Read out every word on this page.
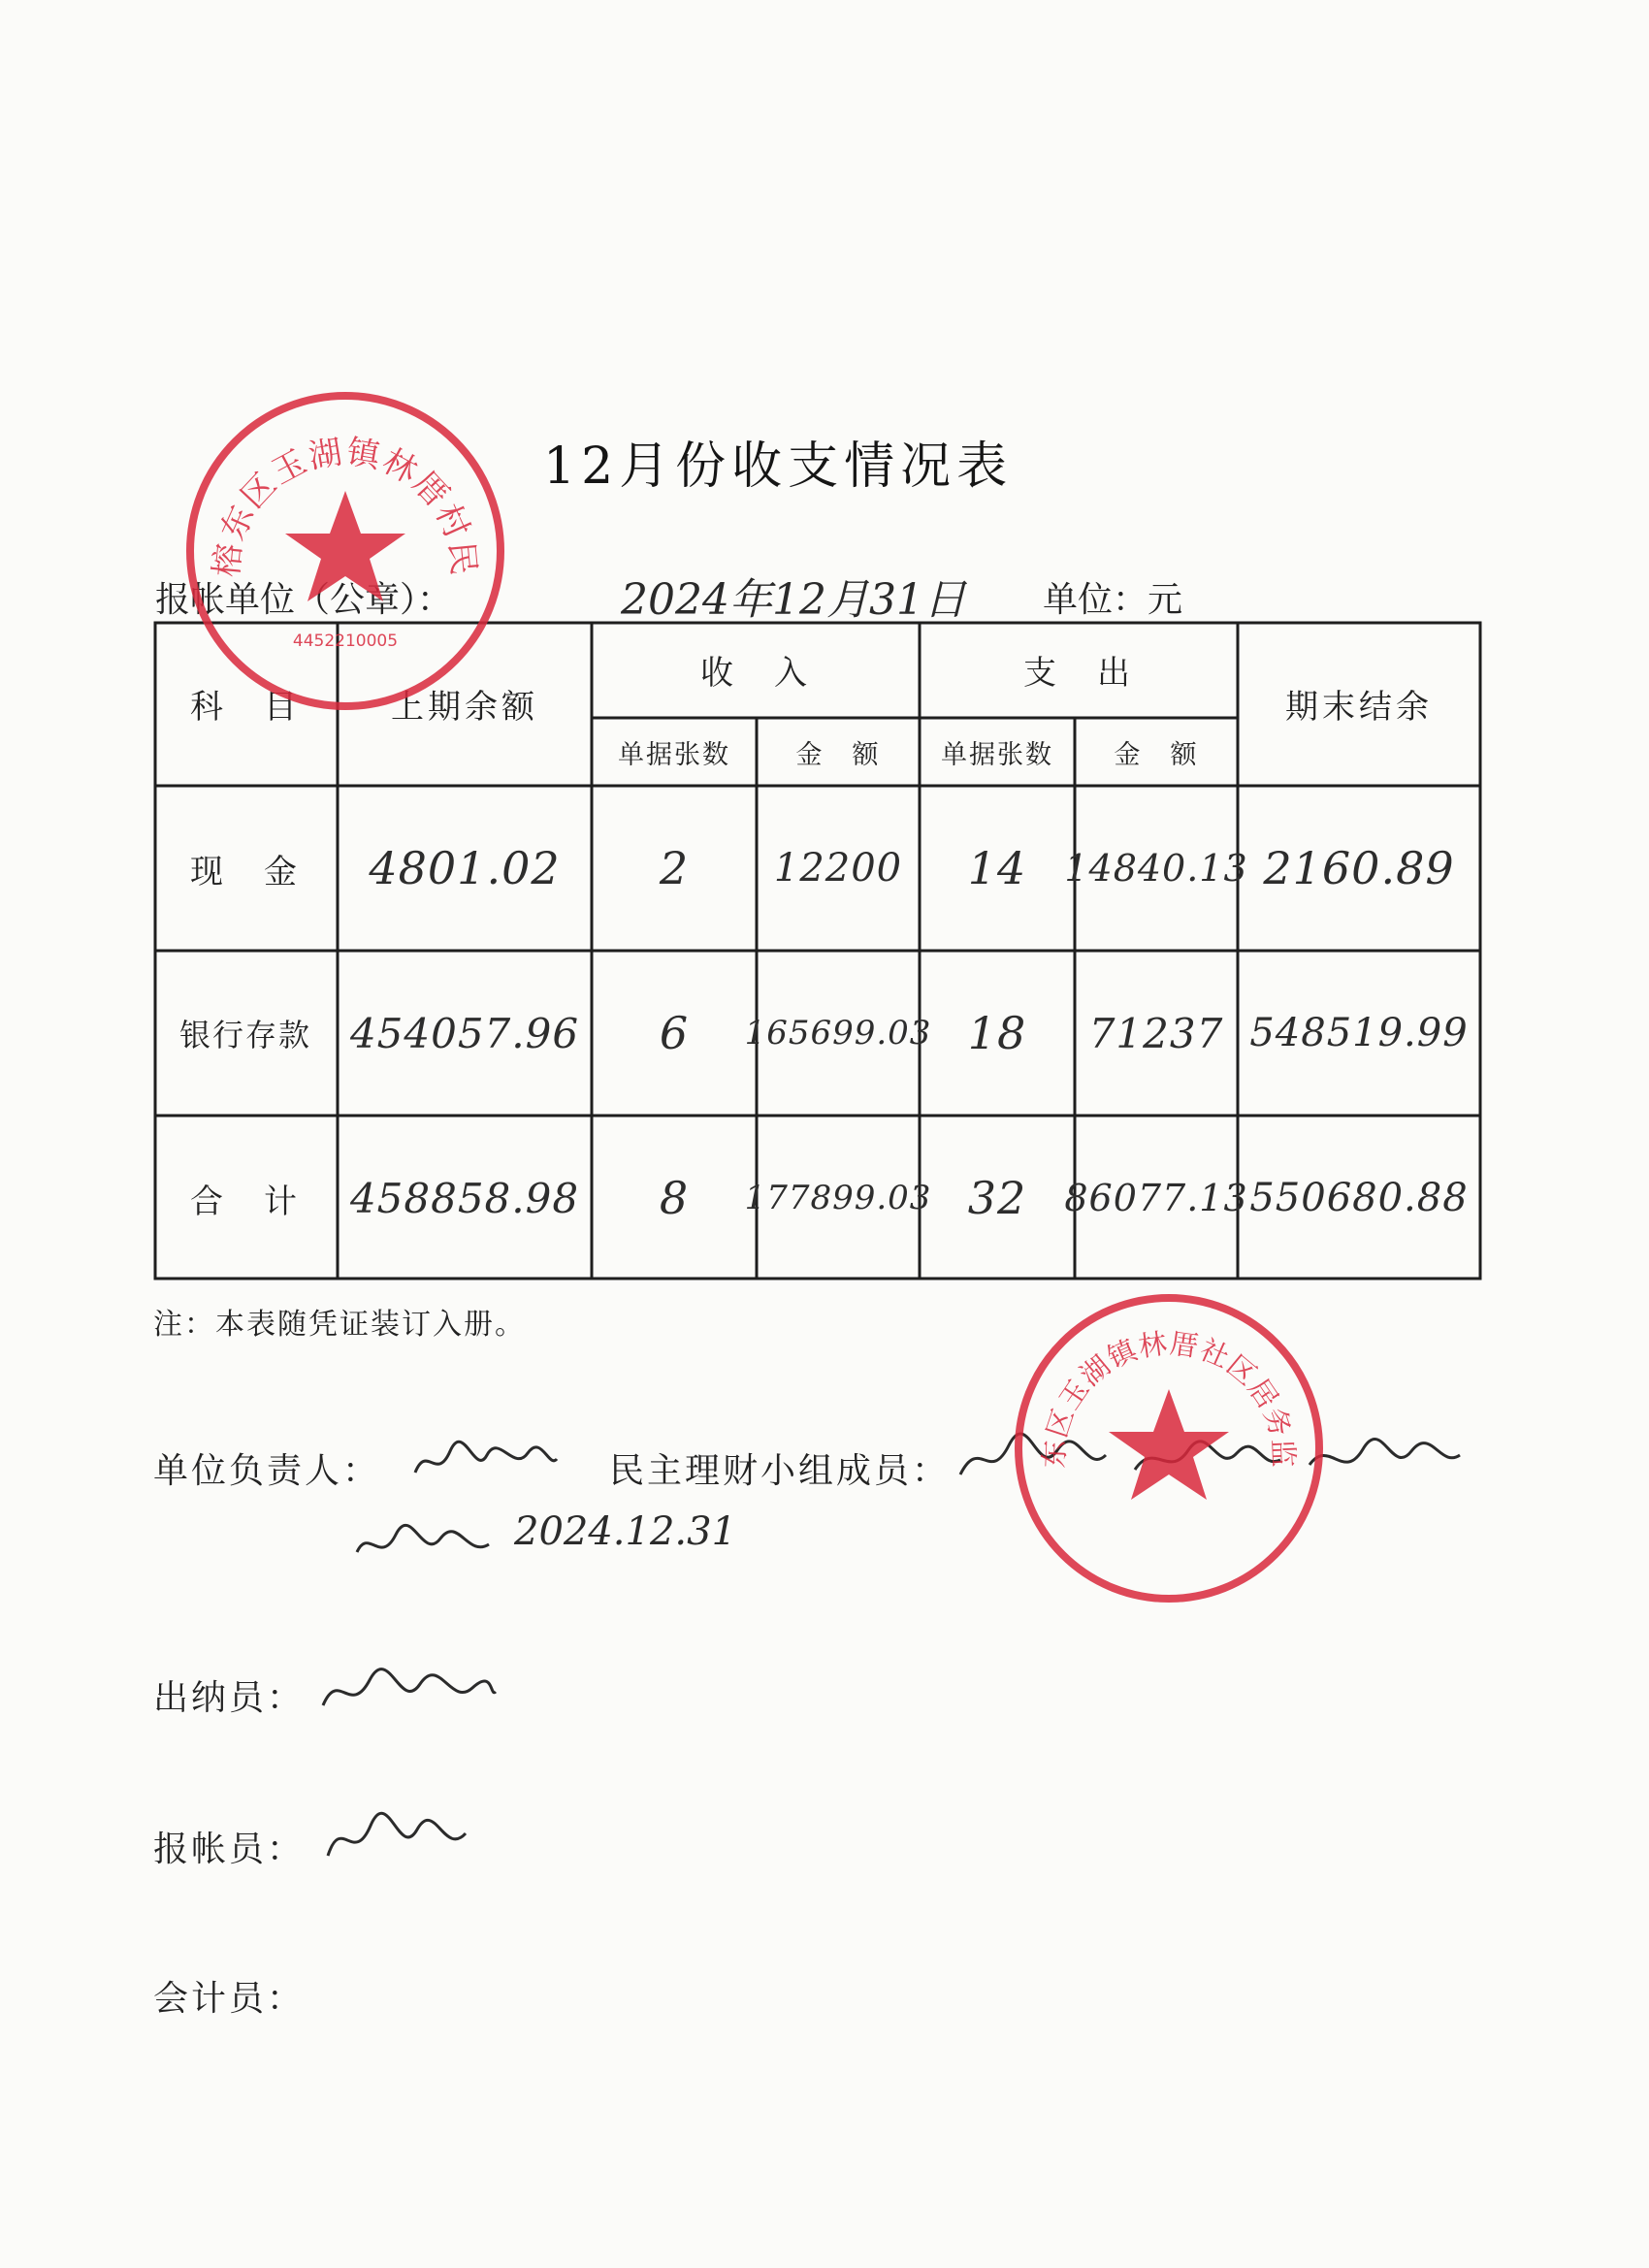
12月份收支情况表
报帐单位（公章）：	2024年12月31日 单位：元
科　目	上期余额
收　入	支　出
期末结余
单据张数	金　额	单据张数	金　额
现　金	4801.02	2	12200	14	14840.13 2160.89
银行存款 454057.96	6	165699.03 18	71237 548519.99
合　计	458858.98	8	177899.03 32	86077.13 550680.88
注：本表随凭证装订入册。
单位负责人：	民主理财小组成员：
2024.12.31
出纳员：
报帐员：
会计员：
榕东区玉湖镇林厝村民
4452210005
东区玉湖镇林厝社区居务监
